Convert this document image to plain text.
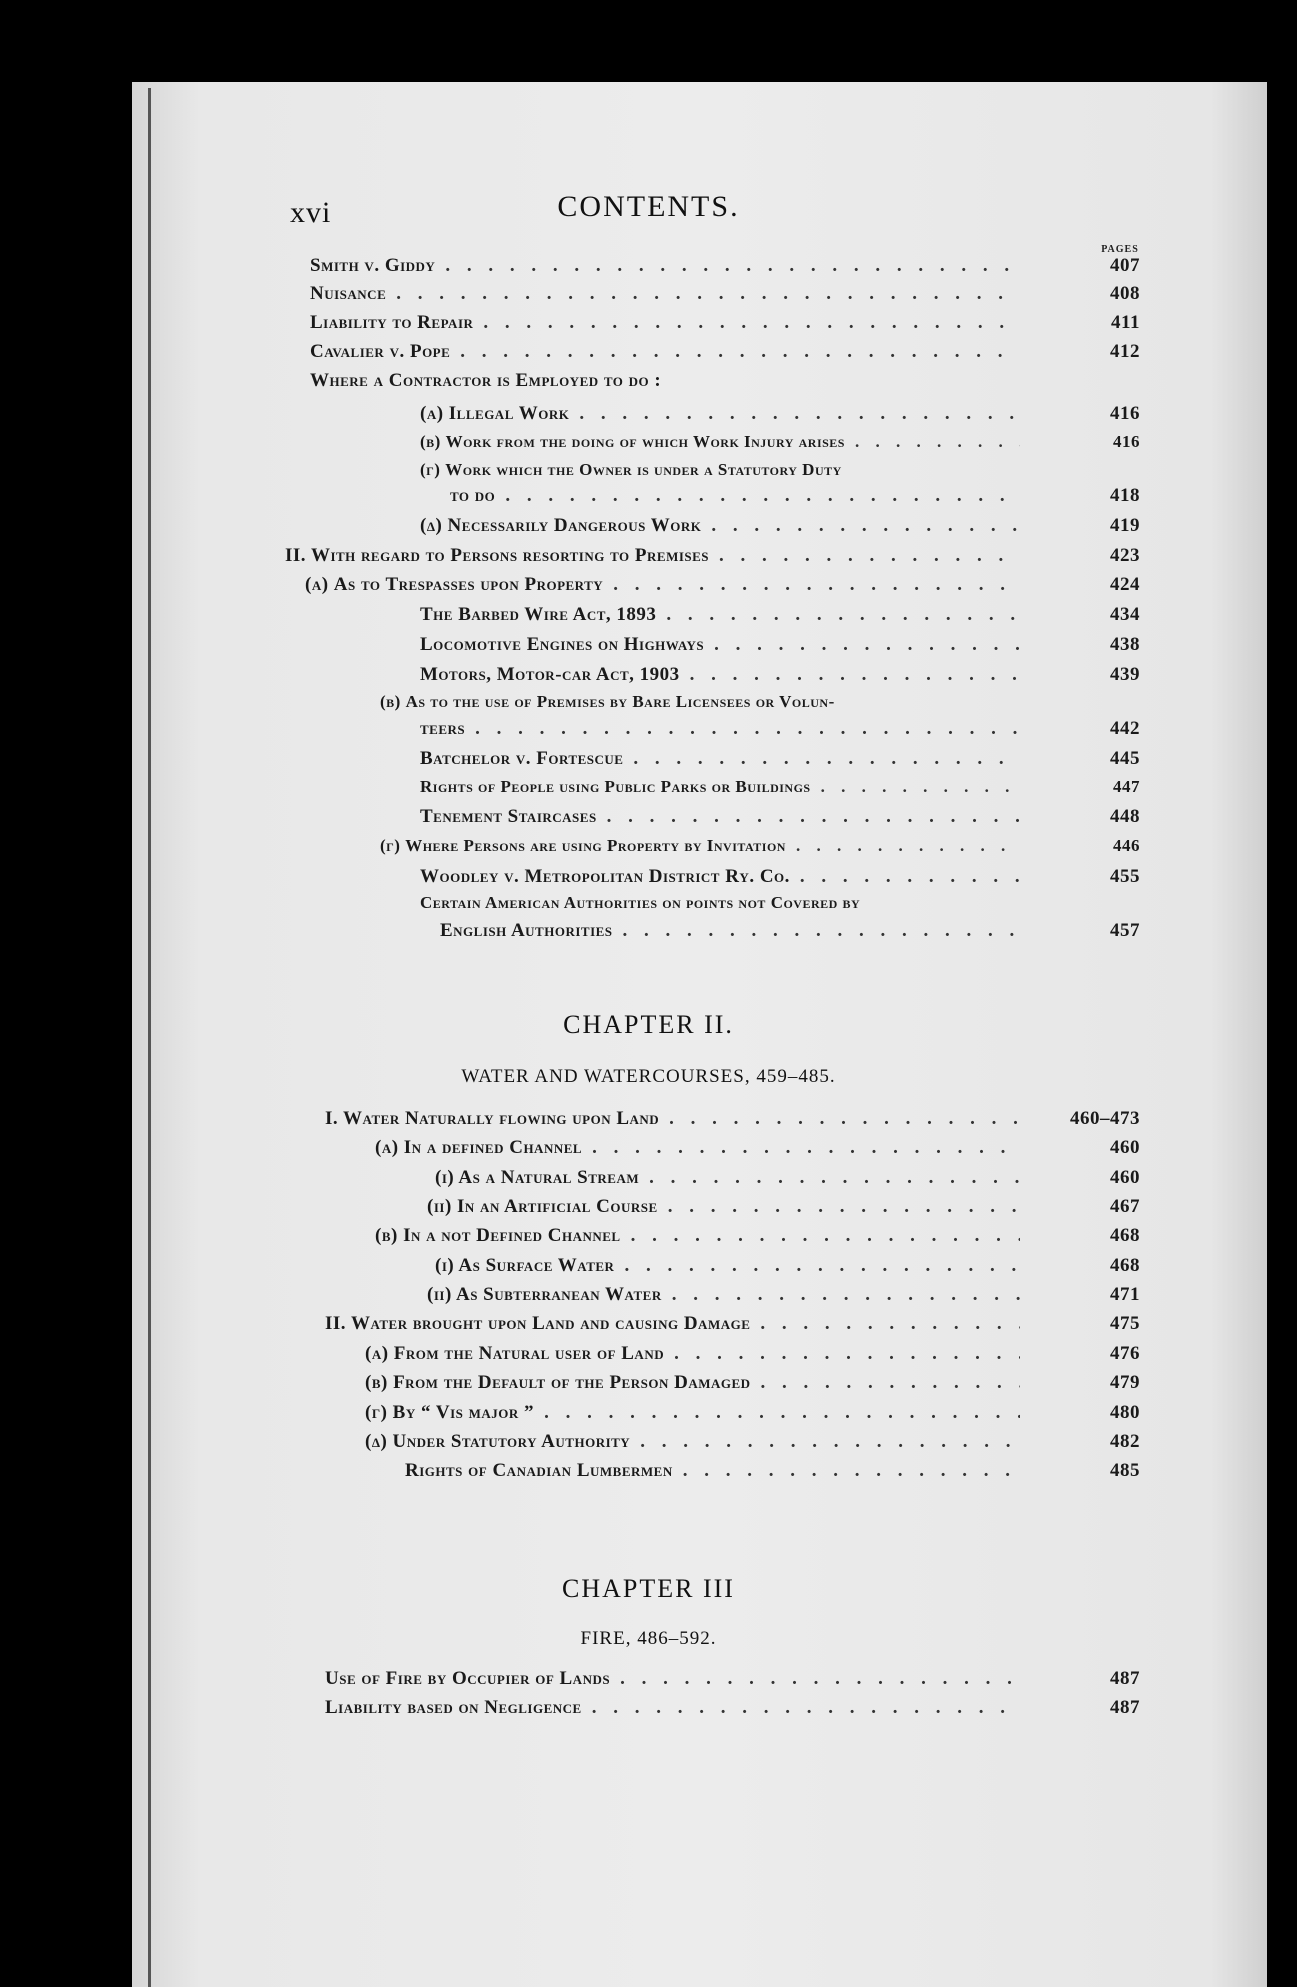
xvi	CONTENTS.
PAGES
Smith v. Giddy . . .	407
Nuisance . . .	408
Liability to Repair . . .	411
Cavalier v. Pope . . .	412
Where a Contractor is Employed to do :
(α) Illegal Work . . .	416
(β) Work from the doing of which Work Injury arises . . .	416
(γ) Work which the Owner is under a Statutory Duty
to do . . .	418
(δ) Necessarily Dangerous Work . . .	419
II. With regard to Persons resorting to Premises . . .	423
(α) As to Trespasses upon Property . . .	424
The Barbed Wire Act, 1893 . . .	434
Locomotive Engines on Highways . . .	438
Motors, Motor-car Act, 1903 . . .	439
(β) As to the use of Premises by Bare Licensees or Volun-
teers . . .	442
Batchelor v. Fortescue . . .	445
Rights of People using Public Parks or Buildings . . .	447
Tenement Staircases . . .	448
(γ) Where Persons are using Property by Invitation . . .	446
Woodley v. Metropolitan District Ry. Co. . . .	455
Certain American Authorities on points not Covered by
English Authorities . . .	457
CHAPTER II.
WATER AND WATERCOURSES, 459–485.
I. Water Naturally flowing upon Land . . .	460–473
(α) In a defined Channel . . .	460
(i) As a Natural Stream . . .	460
(ii) In an Artificial Course . . .	467
(β) In a not Defined Channel . . .	468
(i) As Surface Water . . .	468
(ii) As Subterranean Water . . .	471
II. Water brought upon Land and causing Damage . . .	475
(α) From the Natural user of Land . . .	476
(β) From the Default of the Person Damaged . . .	479
(γ) By “ Vis major ” . . .	480
(δ) Under Statutory Authority . . .	482
Rights of Canadian Lumbermen . . .	485
CHAPTER III
FIRE, 486–592.
Use of Fire by Occupier of Lands . . .	487
Liability based on Negligence . . .	487
